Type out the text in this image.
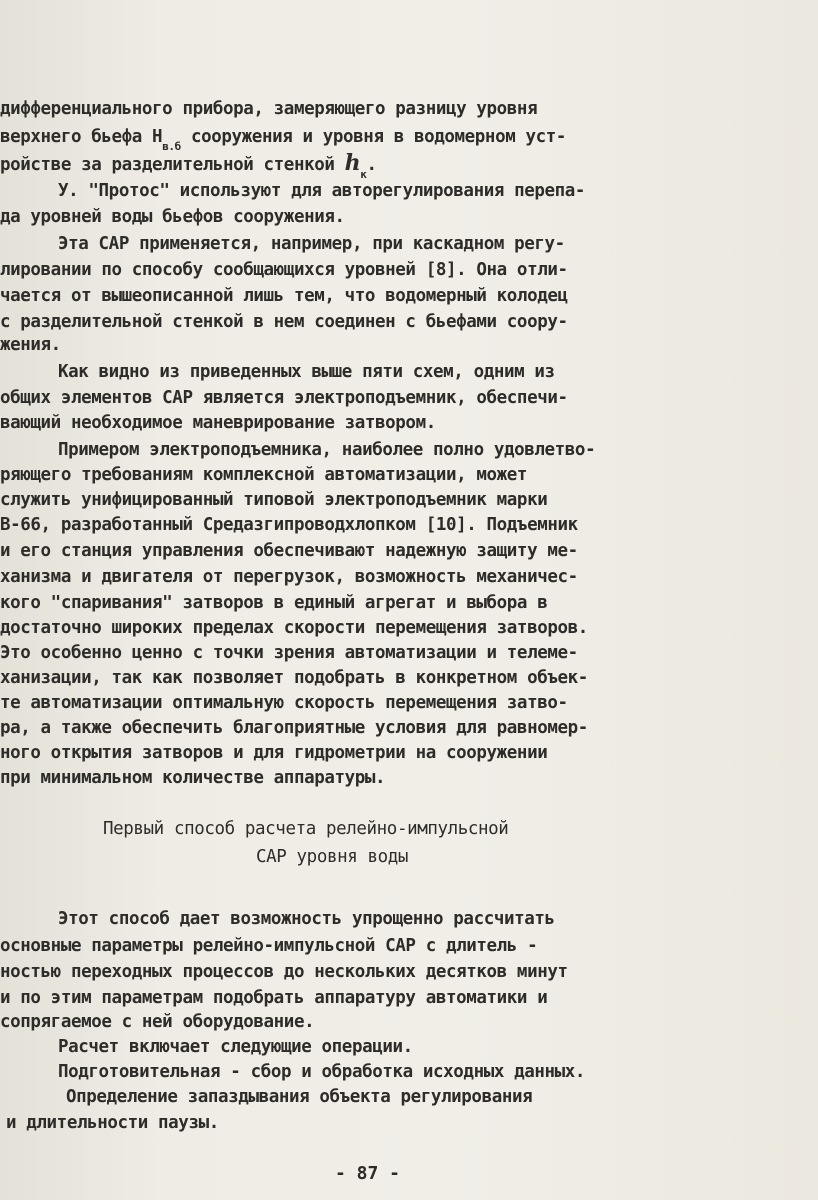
дифференциального прибора, замеряющего разницу уровня
верхнего бьефа $Н_{в.б}$ сооружения и уровня в водомерном уст-
ройстве за разделительной стенкой $h_к$.
У. "Протос" используют для авторегулирования перепа-
да уровней воды бьефов сооружения.
Эта САР применяется, например, при каскадном регу-
лировании по способу сообщающихся уровней [8]. Она отли-
чается от вышеописанной лишь тем, что водомерный колодец
с разделительной стенкой в нем соединен с бьефами соору-
жения.
Как видно из приведенных выше пяти схем, одним из
общих элементов САР является электроподъемник, обеспечи-
вающий необходимое маневрирование затвором.
Примером электроподъемника, наиболее полно удовлетво-
ряющего требованиям комплексной автоматизации, может
служить унифицированный типовой электроподъемник марки
В-66, разработанный Средазгипроводхлопком [10]. Подъемник
и его станция управления обеспечивают надежную защиту ме-
ханизма и двигателя от перегрузок, возможность механичес-
кого "спаривания" затворов в единый агрегат и выбора в
достаточно широких пределах скорости перемещения затворов.
Это особенно ценно с точки зрения автоматизации и телеме-
ханизации, так как позволяет подобрать в конкретном объек-
те автоматизации оптимальную скорость перемещения затво-
ра, а также обеспечить благоприятные условия для равномер-
ного открытия затворов и для гидрометрии на сооружении
при минимальном количестве аппаратуры.
Первый способ расчета релейно-импульсной
САР уровня воды
Этот способ дает возможность упрощенно рассчитать
основные параметры релейно-импульсной САР с длитель -
ностью переходных процессов до нескольких десятков минут
и по этим параметрам подобрать аппаратуру автоматики и
сопрягаемое с ней оборудование.
Расчет включает следующие операции.
Подготовительная - сбор и обработка исходных данных.
Определение запаздывания объекта регулирования
и длительности паузы.
- 87 -
